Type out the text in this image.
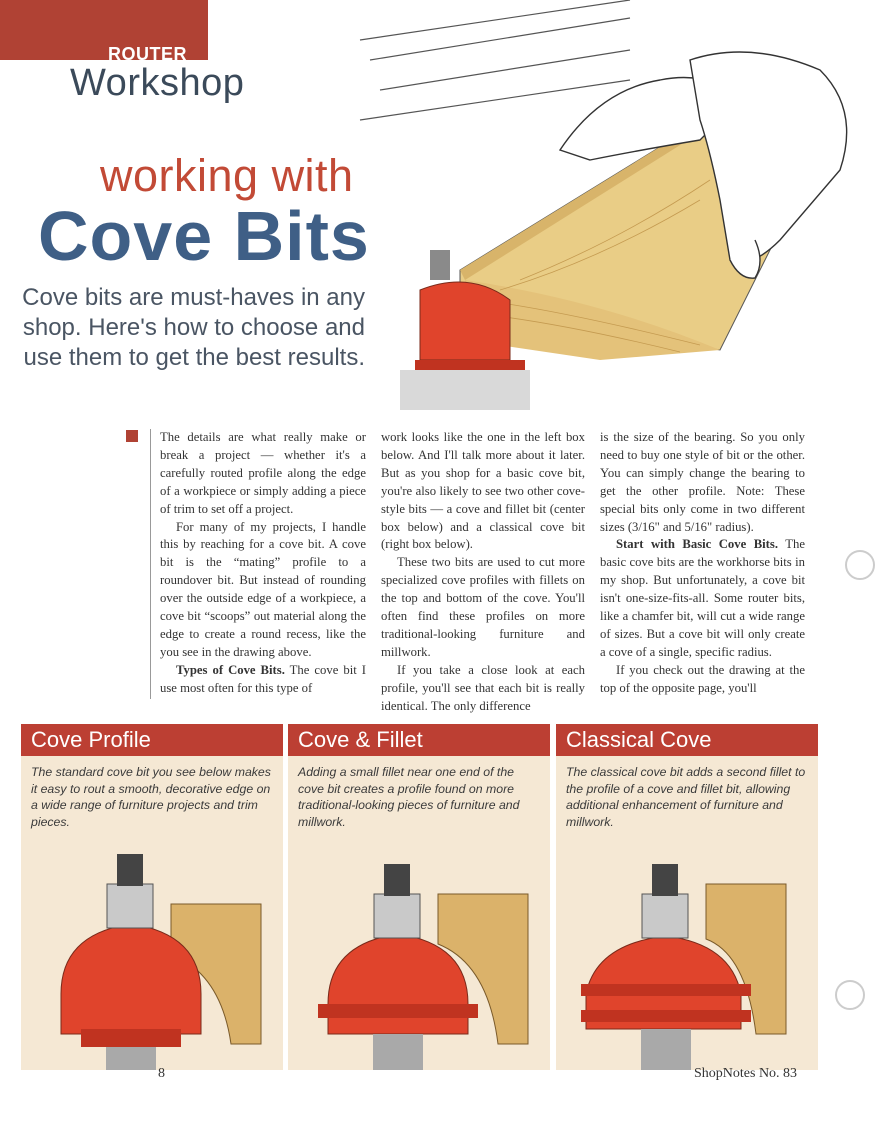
ROUTER
Workshop
working with
Cove Bits
Cove bits are must-haves in any shop. Here's how to choose and use them to get the best results.

The details are what really make or break a project — whether it's a carefully routed profile along the edge of a workpiece or simply adding a piece of trim to set off a project.

For many of my projects, I handle this by reaching for a cove bit. A cove bit is the “mating” profile to a roundover bit. But instead of rounding over the outside edge of a workpiece, a cove bit “scoops” out material along the edge to create a round recess, like the you see in the drawing above.

Types of Cove Bits. The cove bit I use most often for this type of

work looks like the one in the left box below. And I'll talk more about it later. But as you shop for a basic cove bit, you're also likely to see two other cove-style bits — a cove and fillet bit (center box below) and a classical cove bit (right box below).

These two bits are used to cut more specialized cove profiles with fillets on the top and bottom of the cove. You'll often find these profiles on more traditional-looking furniture and millwork.

If you take a close look at each profile, you'll see that each bit is really identical. The only difference

is the size of the bearing. So you only need to buy one style of bit or the other. You can simply change the bearing to get the other profile. Note: These special bits only come in two different sizes (3/16" and 5/16" radius).

Start with Basic Cove Bits. The basic cove bits are the workhorse bits in my shop. But unfortunately, a cove bit isn't one-size-fits-all. Some router bits, like a chamfer bit, will cut a wide range of sizes. But a cove bit will only create a cove of a single, specific radius.

If you check out the drawing at the top of the opposite page, you'll

Cove Profile
The standard cove bit you see below makes it easy to rout a smooth, decorative edge on a wide range of furniture projects and trim pieces.
Cove & Fillet
Adding a small fillet near one end of the cove bit creates a profile found on more traditional-looking pieces of furniture and millwork.
Classical Cove
The classical cove bit adds a second fillet to the profile of a cove and fillet bit, allowing additional enhancement of furniture and millwork.
8	ShopNotes No. 83
